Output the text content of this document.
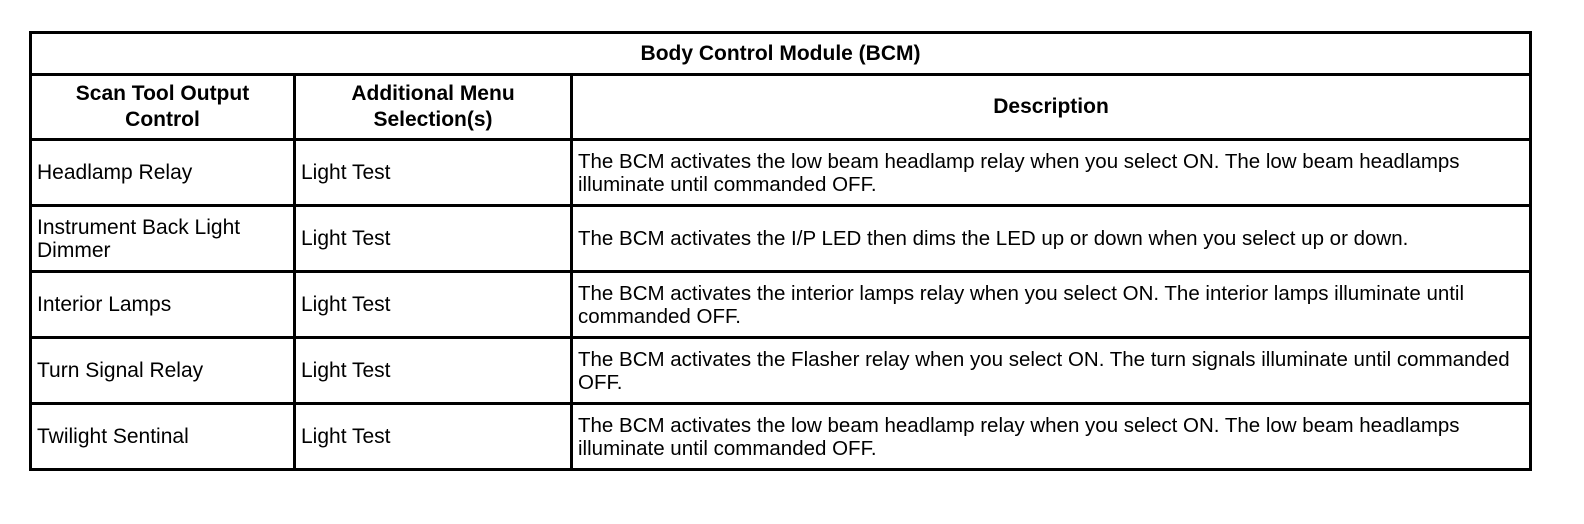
Body Control Module (BCM)		
Scan Tool Output Control	Additional Menu Selection(s)	Description
Headlamp Relay	Light Test	The BCM activates the low beam headlamp relay when you select ON. The low beam headlamps illuminate until commanded OFF.
Instrument Back Light Dimmer	Light Test	The BCM activates the I/P LED then dims the LED up or down when you select up or down.
Interior Lamps	Light Test	The BCM activates the interior lamps relay when you select ON. The interior lamps illuminate until commanded OFF.
Turn Signal Relay	Light Test	The BCM activates the Flasher relay when you select ON. The turn signals illuminate until commanded OFF.
Twilight Sentinal	Light Test	The BCM activates the low beam headlamp relay when you select ON. The low beam headlamps illuminate until commanded OFF.
